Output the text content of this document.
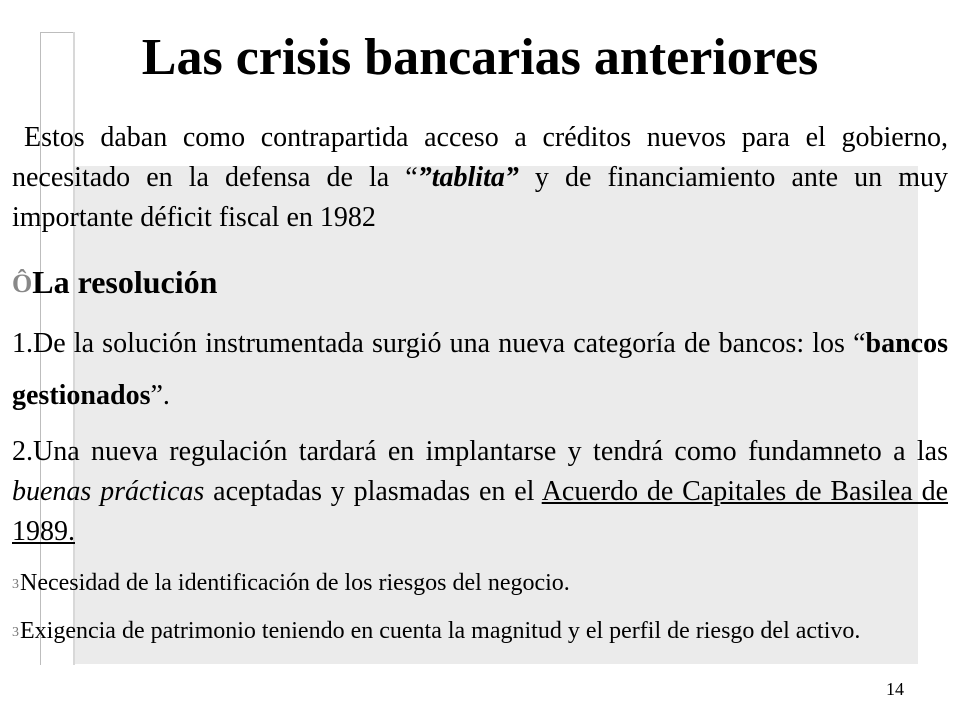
Las crisis bancarias anteriores

Estos daban como contrapartida acceso a créditos nuevos para el gobierno, necesitado en la defensa de la “”tablita” y de financiamiento ante un muy importante déficit fiscal en 1982

ÔLa resolución

1.De la solución instrumentada surgió una nueva categoría de bancos: los “bancos gestionados”.

2.Una nueva regulación tardará en implantarse y tendrá como fundamneto a las buenas prácticas aceptadas y plasmadas en el Acuerdo de Capitales de Basilea de 1989.

3Necesidad de la identificación de los riesgos del negocio.

3Exigencia de patrimonio teniendo en cuenta la magnitud y el perfil de riesgo del activo.

14
